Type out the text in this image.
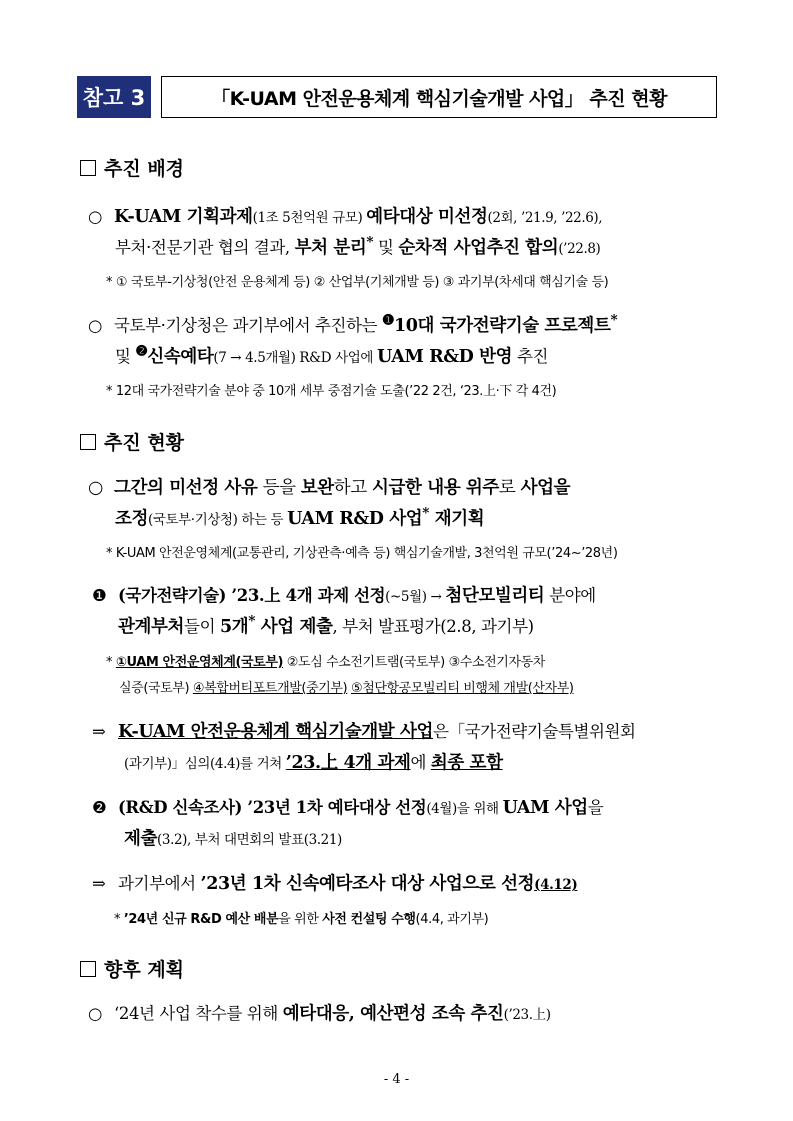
참고 3	「K-UAM 안전운용체계 핵심기술개발 사업」 추진 현황
추진 배경
○ K-UAM 기획과제(1조 5천억원 규모) 예타대상 미선정(2회, ’21.9, ’22.6),
부처·전문기관 협의 결과, 부처 분리* 및 순차적 사업추진 합의(’22.8)
* ① 국토부-기상청(안전 운용체계 등) ② 산업부(기체개발 등) ③ 과기부(차세대 핵심기술 등)
○ 국토부·기상청은 과기부에서 추진하는 $^❶$10대 국가전략기술 프로젝트*
및 $^❷$신속예타(7 → 4.5개월) R&D 사업에 UAM R&D 반영 추진
* 12대 국가전략기술 분야 중 10개 세부 중점기술 도출(’22 2건, ‘23.上·下 각 4건)
추진 현황
○ 그간의 미선정 사유 등을 보완하고 시급한 내용 위주로 사업을
조정(국토부·기상청) 하는 등 UAM R&D 사업* 재기획
* K-UAM 안전운영체계(교통관리, 기상관측·예측 등) 핵심기술개발, 3천억원 규모(’24~’28년)
❶ (국가전략기술) ’23.上 4개 과제 선정(~5월) → 첨단모빌리티 분야에
관계부처들이 5개* 사업 제출, 부처 발표평가(2.8, 과기부)
* ①UAM 안전운영체계(국토부) ②도심 수소전기트램(국토부) ③수소전기자동차
실증(국토부) ④복합버티포트개발(중기부) ⑤첨단항공모빌리티 비행체 개발(산자부)
⇒ K-UAM 안전운용체계 핵심기술개발 사업은「국가전략기술특별위원회
(과기부)」심의(4.4)를 거쳐 ’23.上 4개 과제에 최종 포함
❷ (R&D 신속조사) ’23년 1차 예타대상 선정(4월)을 위해 UAM 사업을
제출(3.2), 부처 대면회의 발표(3.21)
⇒ 과기부에서 ’23년 1차 신속예타조사 대상 사업으로 선정(4.12)
* ’24년 신규 R&D 예산 배분을 위한 사전 컨설팅 수행(4.4, 과기부)
향후 계획
○ ‘24년 사업 착수를 위해 예타대응, 예산편성 조속 추진(’23.上)
- 4 -
